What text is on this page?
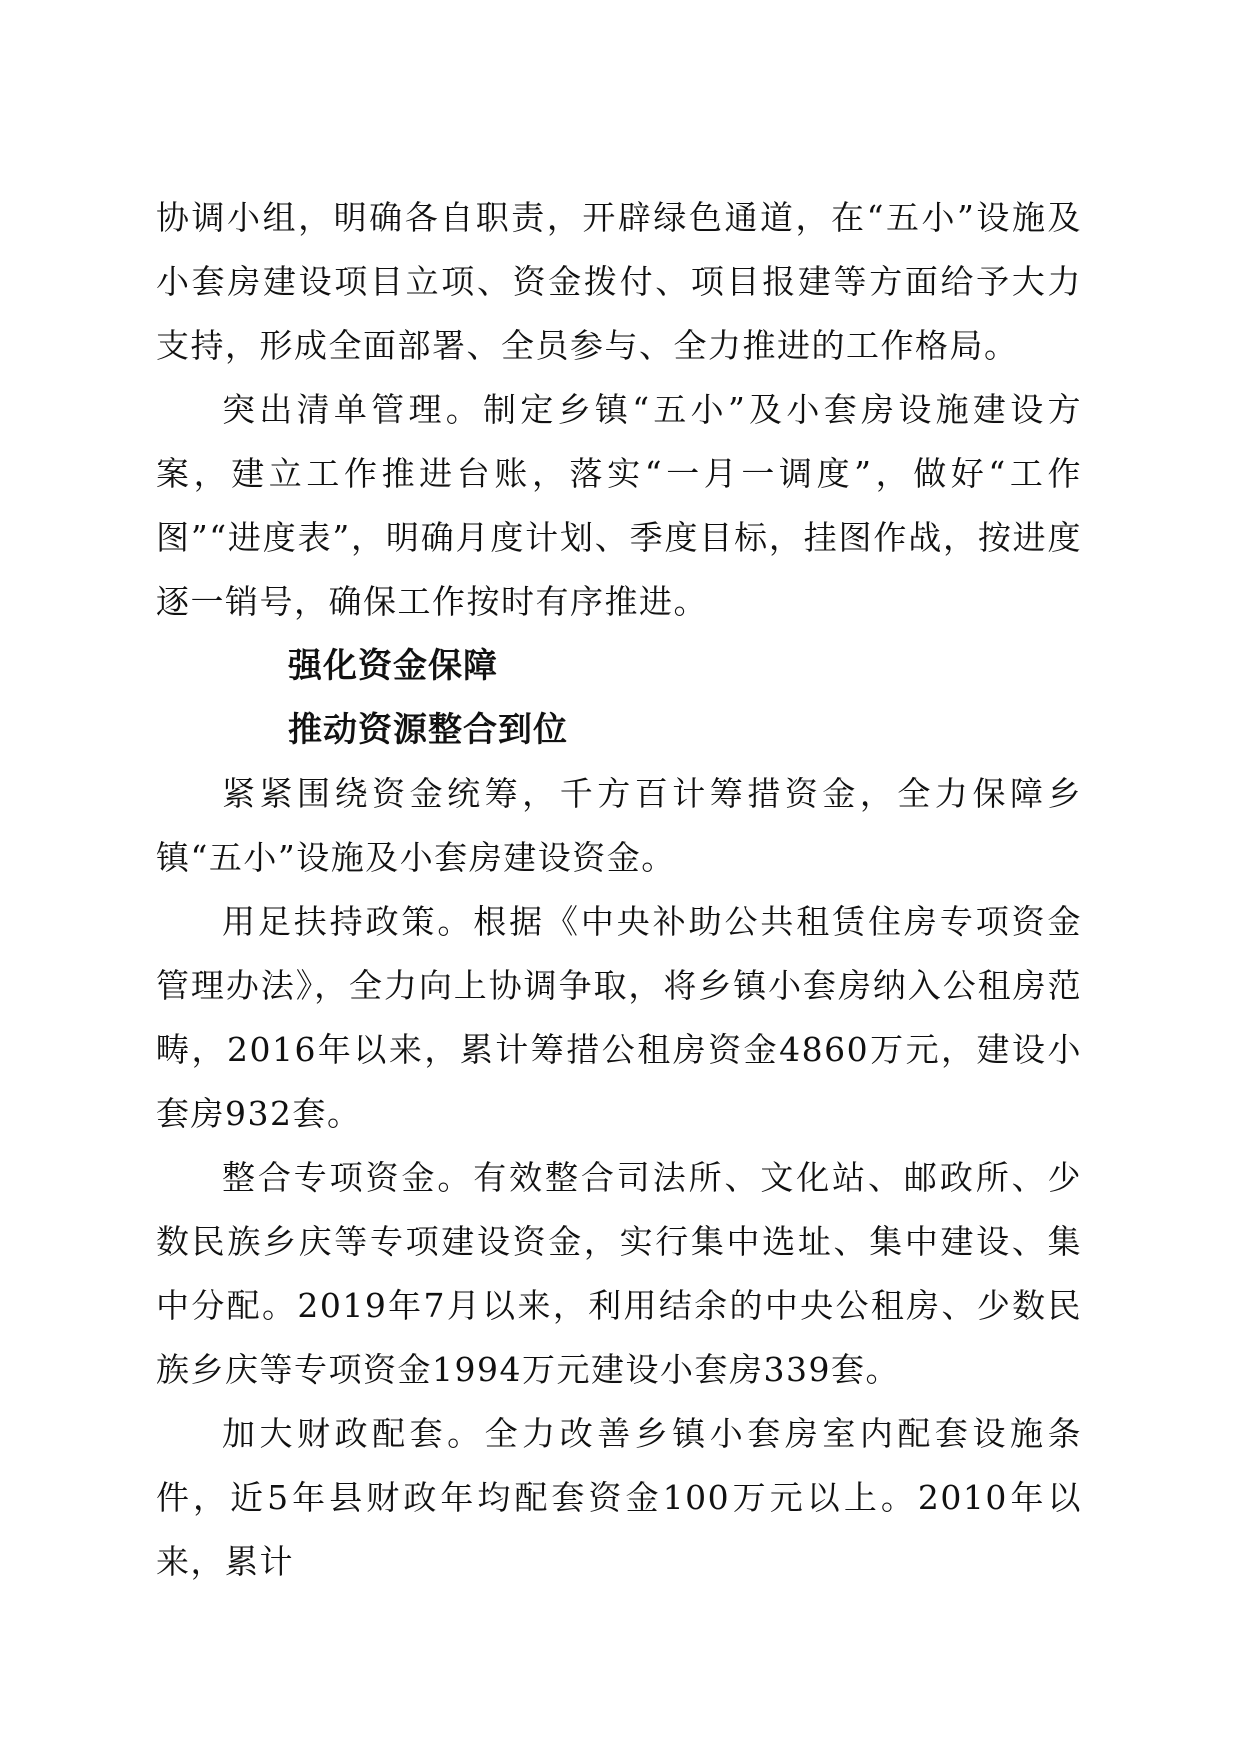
协调小组，明确各自职责，开辟绿色通道，在“五小”设施及小套房建设项目立项、资金拨付、项目报建等方面给予大力支持，形成全面部署、全员参与、全力推进的工作格局。

突出清单管理。制定乡镇“五小”及小套房设施建设方案，建立工作推进台账，落实“一月一调度”，做好“工作图”“进度表”，明确月度计划、季度目标，挂图作战，按进度逐一销号，确保工作按时有序推进。

强化资金保障

推动资源整合到位

紧紧围绕资金统筹，千方百计筹措资金，全力保障乡镇“五小”设施及小套房建设资金。

用足扶持政策。根据《中央补助公共租赁住房专项资金管理办法》，全力向上协调争取，将乡镇小套房纳入公租房范畴，2016年以来，累计筹措公租房资金4860万元，建设小套房932套。

整合专项资金。有效整合司法所、文化站、邮政所、少数民族乡庆等专项建设资金，实行集中选址、集中建设、集中分配。2019年7月以来，利用结余的中央公租房、少数民族乡庆等专项资金1994万元建设小套房339套。

加大财政配套。全力改善乡镇小套房室内配套设施条件，近5年县财政年均配套资金100万元以上。2010年以来，累计
